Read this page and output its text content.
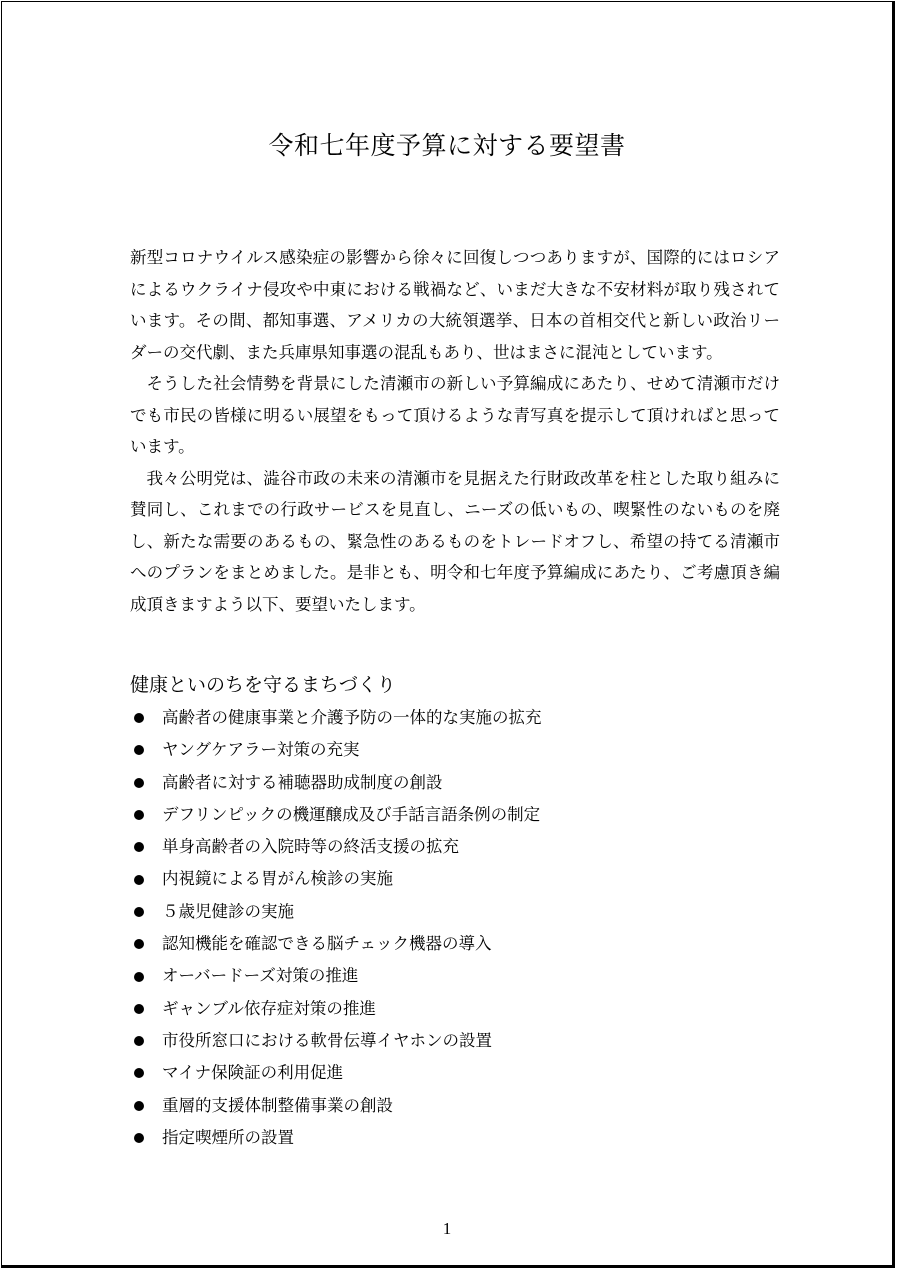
令和七年度予算に対する要望書

新型コロナウイルス感染症の影響から徐々に回復しつつありますが、国際的にはロシアによるウクライナ侵攻や中東における戦禍など、いまだ大きな不安材料が取り残されています。その間、都知事選、アメリカの大統領選挙、日本の首相交代と新しい政治リーダーの交代劇、また兵庫県知事選の混乱もあり、世はまさに混沌としています。

そうした社会情勢を背景にした清瀬市の新しい予算編成にあたり、せめて清瀬市だけでも市民の皆様に明るい展望をもって頂けるような青写真を提示して頂ければと思っています。

我々公明党は、澁谷市政の未来の清瀬市を見据えた行財政改革を柱とした取り組みに賛同し、これまでの行政サービスを見直し、ニーズの低いもの、喫緊性のないものを廃し、新たな需要のあるもの、緊急性のあるものをトレードオフし、希望の持てる清瀬市へのプランをまとめました。是非とも、明令和七年度予算編成にあたり、ご考慮頂き編成頂きますよう以下、要望いたします。

健康といのちを守るまちづくり
高齢者の健康事業と介護予防の一体的な実施の拡充
ヤングケアラー対策の充実
高齢者に対する補聴器助成制度の創設
デフリンピックの機運醸成及び手話言語条例の制定
単身高齢者の入院時等の終活支援の拡充
内視鏡による胃がん検診の実施
５歳児健診の実施
認知機能を確認できる脳チェック機器の導入
オーバードーズ対策の推進
ギャンブル依存症対策の推進
市役所窓口における軟骨伝導イヤホンの設置
マイナ保険証の利用促進
重層的支援体制整備事業の創設
指定喫煙所の設置
1
